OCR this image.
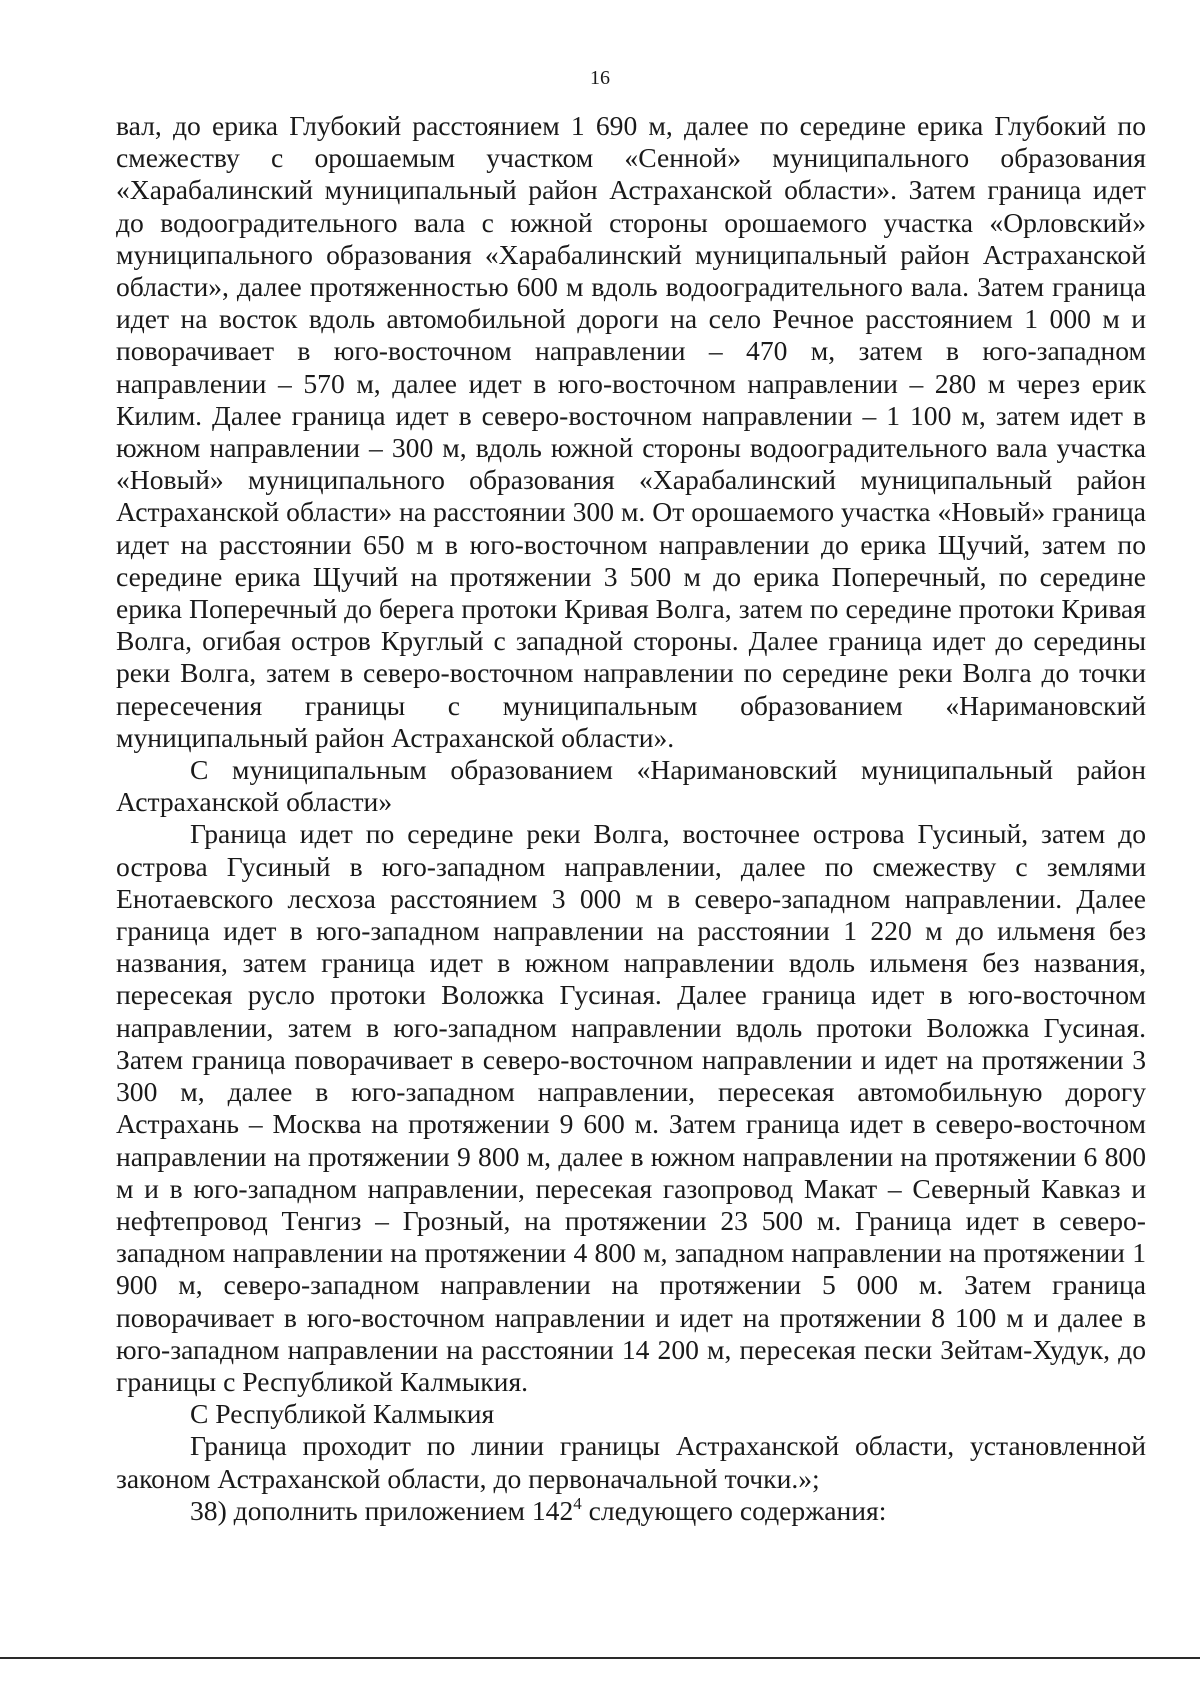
16

вал, до ерика Глубокий расстоянием 1 690 м, далее по середине ерика Глубокий по смежеству с орошаемым участком «Сенной» муниципального образования «Харабалинский муниципальный район Астраханской области». Затем граница идет до водооградительного вала с южной стороны орошаемого участка «Орловский» муниципального образования «Харабалинский муниципальный район Астраханской области», далее протяженностью 600 м вдоль водооградительного вала. Затем граница идет на восток вдоль автомобильной дороги на село Речное расстоянием 1 000 м и поворачивает в юго-восточном направлении – 470 м, затем в юго-западном направлении – 570 м, далее идет в юго-восточном направлении – 280 м через ерик Килим. Далее граница идет в северо-восточном направлении – 1 100 м, затем идет в южном направлении – 300 м, вдоль южной стороны водооградительного вала участка «Новый» муниципального образования «Харабалинский муниципальный район Астраханской области» на расстоянии 300 м. От орошаемого участка «Новый» граница идет на расстоянии 650 м в юго-восточном направлении до ерика Щучий, затем по середине ерика Щучий на протяжении 3 500 м до ерика Поперечный, по середине ерика Поперечный до берега протоки Кривая Волга, затем по середине протоки Кривая Волга, огибая остров Круглый с западной стороны. Далее граница идет до середины реки Волга, затем в северо-восточном направлении по середине реки Волга до точки пересечения границы с муниципальным образованием «Наримановский муниципальный район Астраханской области».

С муниципальным образованием «Наримановский муниципальный район Астраханской области»

Граница идет по середине реки Волга, восточнее острова Гусиный, затем до острова Гусиный в юго-западном направлении, далее по смежеству с землями Енотаевского лесхоза расстоянием 3 000 м в северо-западном направлении. Далее граница идет в юго-западном направлении на расстоянии 1 220 м до ильменя без названия, затем граница идет в южном направлении вдоль ильменя без названия, пересекая русло протоки Воложка Гусиная. Далее граница идет в юго-восточном направлении, затем в юго-западном направлении вдоль протоки Воложка Гусиная. Затем граница поворачивает в северо-восточном направлении и идет на протяжении 3 300 м, далее в юго-западном направлении, пересекая автомобильную дорогу Астрахань – Москва на протяжении 9 600 м. Затем граница идет в северо-восточном направлении на протяжении 9 800 м, далее в южном направлении на протяжении 6 800 м и в юго-западном направлении, пересекая газопровод Макат – Северный Кавказ и нефтепровод Тенгиз – Грозный, на протяжении 23 500 м. Граница идет в северо-западном направлении на протяжении 4 800 м, западном направлении на протяжении 1 900 м, северо-западном направлении на протяжении 5 000 м. Затем граница поворачивает в юго-восточном направлении и идет на протяжении 8 100 м и далее в юго-западном направлении на расстоянии 14 200 м, пересекая пески Зейтам-Худук, до границы с Республикой Калмыкия.

С Республикой Калмыкия

Граница проходит по линии границы Астраханской области, установленной законом Астраханской области, до первоначальной точки.»;

38) дополнить приложением $142^4$ следующего содержания:
